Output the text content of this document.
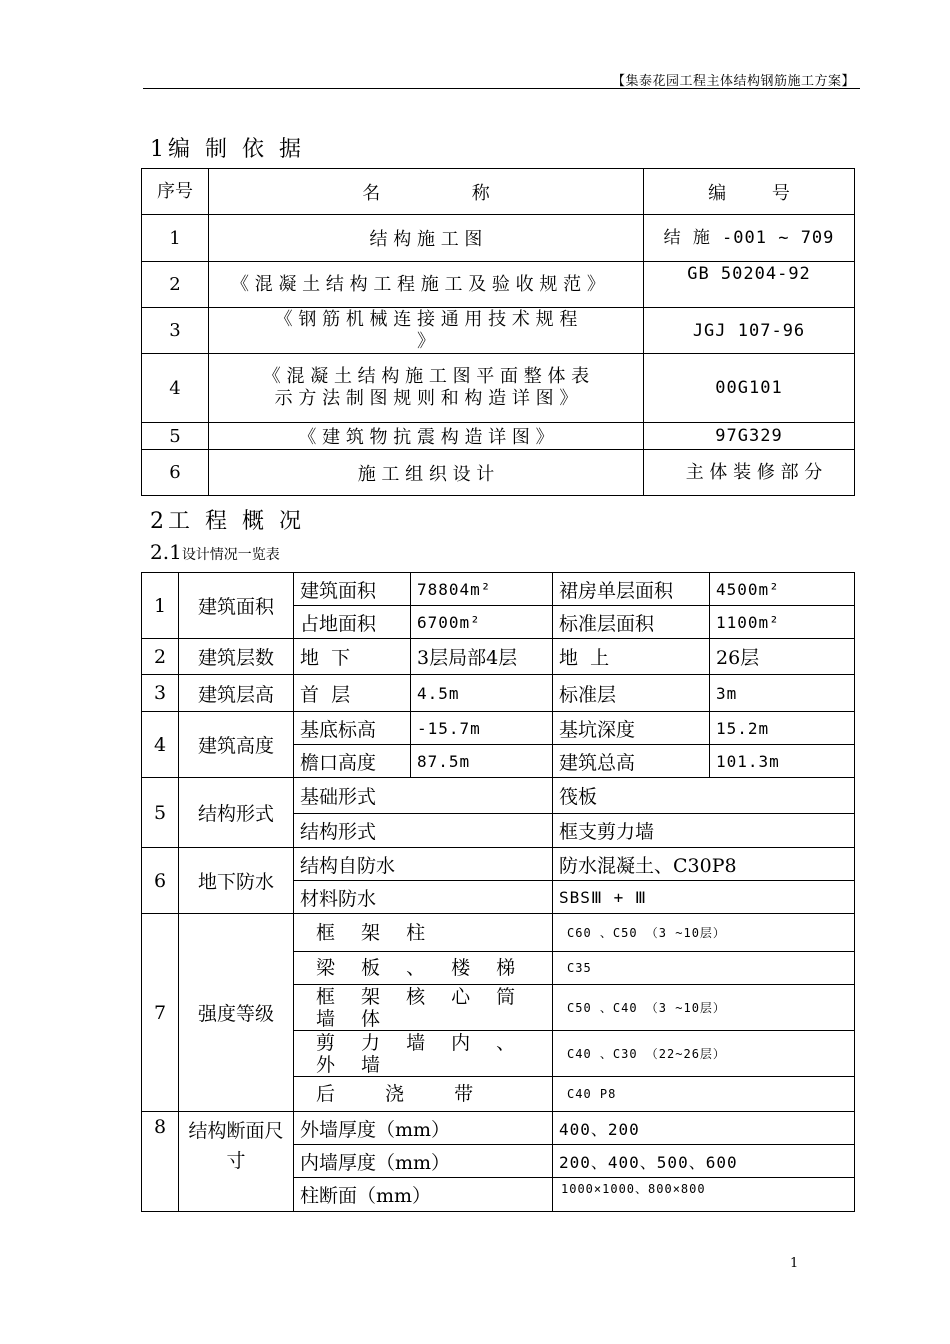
【集泰花园工程主体结构钢筋施工方案】
1编 制 依 据
序号	名                称	编        号
1	结 构 施 工 图	结 施 -001 ~ 709
2	《 混 凝 土 结 构 工 程 施 工 及 验 收 规 范 》	GB 50204-92
3	《 钢 筋 机 械 连 接 通 用 技 术 规 程 》	JGJ 107-96
4	《 混 凝 土 结 构 施 工 图 平 面 整 体 表 示 方 法 制 图 规 则 和 构 造 详 图 》	00G101
5	《 建 筑 物 抗 震 构 造 详 图 》	97G329
6	施 工 组 织 设 计	主 体 装 修 部 分
2工 程 概 况
2.1设计情况一览表
1	建筑面积	建筑面积	78804m²	裙房单层面积	4500m²
		占地面积	6700m²	标准层面积	1100m²
2	建筑层数	地  下	3层局部4层	地  上	26层
3	建筑层高	首  层	4.5m	标准层	3m
4	建筑高度	基底标高	-15.7m	基坑深度	15.2m
		檐口高度	87.5m	建筑总高	101.3m
5	结构形式	基础形式		筏板	
		结构形式		框支剪力墙	
6	地下防水	结构自防水		防水混凝土、C30P8	
		材料防水		SBSⅢ + Ⅲ	
7	强度等级	框 架 柱		C60 、C50 （3 ~10层）	
		梁 板 、 楼 梯		C35	
		框 架 核 心 筒 墙 体		C50 、C40 （3 ~10层）	
		剪 力 墙 内 、 外 墙		C40 、C30 （22~26层）	
		后 浇 带		C40 P8	
8	结构断面尺寸	外墙厚度（mm）		400、200	
		内墙厚度（mm）		200、400、500、600	
		柱断面（mm）		1000×1000、800×800	
1
